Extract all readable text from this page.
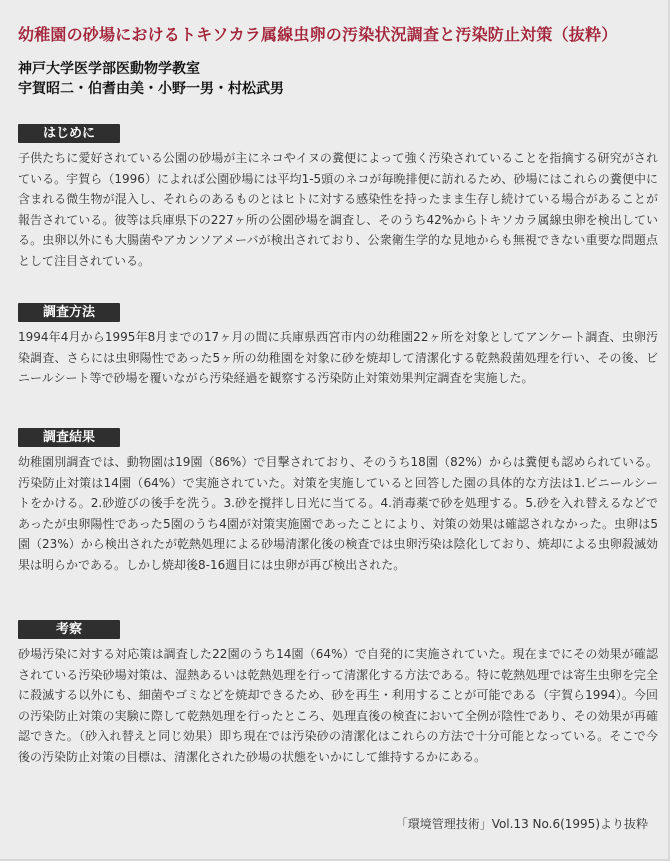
幼稚園の砂場におけるトキソカラ属線虫卵の汚染状況調査と汚染防止対策（抜粋）
神戸大学医学部医動物学教室
宇賀昭二・伯耆由美・小野一男・村松武男
はじめに
子供たちに愛好されている公園の砂場が主にネコやイヌの糞便によって強く汚染されていることを指摘する研究がされている。宇賀ら（1996）によれば公園砂場には平均1-5頭のネコが毎晩排便に訪れるため、砂場にはこれらの糞便中に含まれる微生物が混入し、それらのあるものとはヒトに対する感染性を持ったまま生存し続けている場合があることが報告されている。彼等は兵庫県下の227ヶ所の公園砂場を調査し、そのうち42%からトキソカラ属線虫卵を検出している。虫卵以外にも大腸菌やアカンソアメーバが検出されており、公衆衛生学的な見地からも無視できない重要な問題点として注目されている。
調査方法
1994年4月から1995年8月までの17ヶ月の間に兵庫県西宮市内の幼稚園22ヶ所を対象としてアンケート調査、虫卵汚染調査、さらには虫卵陽性であった5ヶ所の幼稚園を対象に砂を焼却して清潔化する乾熱殺菌処理を行い、その後、ビニールシート等で砂場を覆いながら汚染経過を観察する汚染防止対策効果判定調査を実施した。
調査結果
幼稚園別調査では、動物園は19園（86%）で目撃されており、そのうち18園（82%）からは糞便も認められている。汚染防止対策は14園（64%）で実施されていた。対策を実施していると回答した園の具体的な方法は1.ビニールシートをかける。2.砂遊びの後手を洗う。3.砂を撹拌し日光に当てる。4.消毒薬で砂を処理する。5.砂を入れ替えるなどであったが虫卵陽性であった5園のうち4園が対策実施園であったことにより、対策の効果は確認されなかった。虫卵は5園（23%）から検出されたが乾熱処理による砂場清潔化後の検査では虫卵汚染は陰化しており、焼却による虫卵殺滅効果は明らかである。しかし焼却後8-16週目には虫卵が再び検出された。
考察
砂場汚染に対する対応策は調査した22園のうち14園（64%）で自発的に実施されていた。現在までにその効果が確認されている汚染砂場対策は、湿熱あるいは乾熱処理を行って清潔化する方法である。特に乾熱処理では寄生虫卵を完全に殺滅する以外にも、細菌やゴミなどを焼却できるため、砂を再生・利用することが可能である（宇賀ら1994）。今回の汚染防止対策の実験に際して乾熱処理を行ったところ、処理直後の検査において全例が陰性であり、その効果が再確認できた。（砂入れ替えと同じ効果）即ち現在では汚染砂の清潔化はこれらの方法で十分可能となっている。そこで今後の汚染防止対策の目標は、清潔化された砂場の状態をいかにして維持するかにある。
「環境管理技術」Vol.13 No.6(1995)より抜粋
